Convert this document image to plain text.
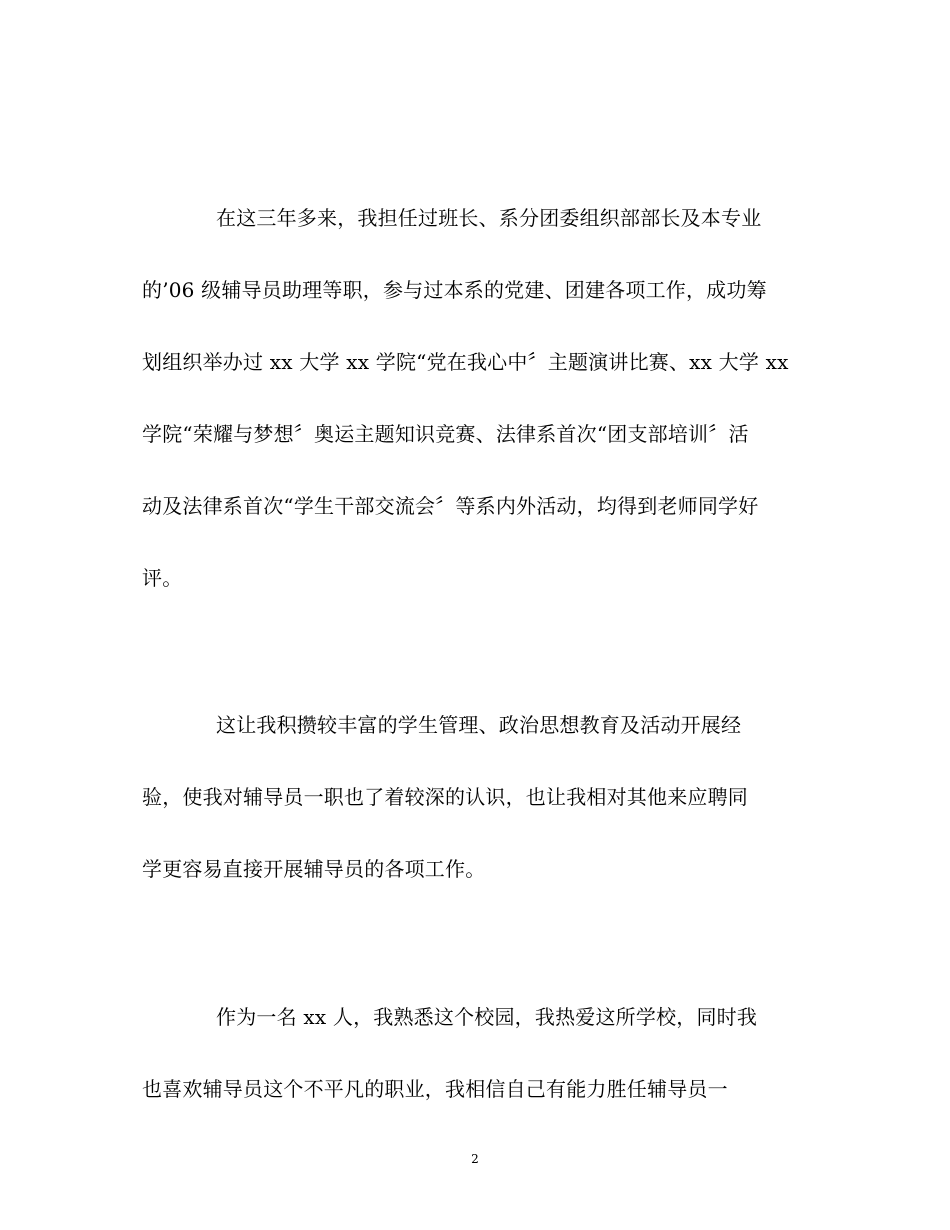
在这三年多来，我担任过班长、系分团委组织部部长及本专业
的’06 级辅导员助理等职，参与过本系的党建、团建各项工作，成功筹
划组织举办过 xx 大学 xx 学院“党在我心中〞主题演讲比赛、xx 大学 xx
学院“荣耀与梦想〞奥运主题知识竞赛、法律系首次“团支部培训〞活
动及法律系首次“学生干部交流会〞等系内外活动，均得到老师同学好
评。
这让我积攒较丰富的学生管理、政治思想教育及活动开展经
验，使我对辅导员一职也了着较深的认识，也让我相对其他来应聘同
学更容易直接开展辅导员的各项工作。
作为一名 xx 人，我熟悉这个校园，我热爱这所学校，同时我
也喜欢辅导员这个不平凡的职业，我相信自己有能力胜任辅导员一
2
